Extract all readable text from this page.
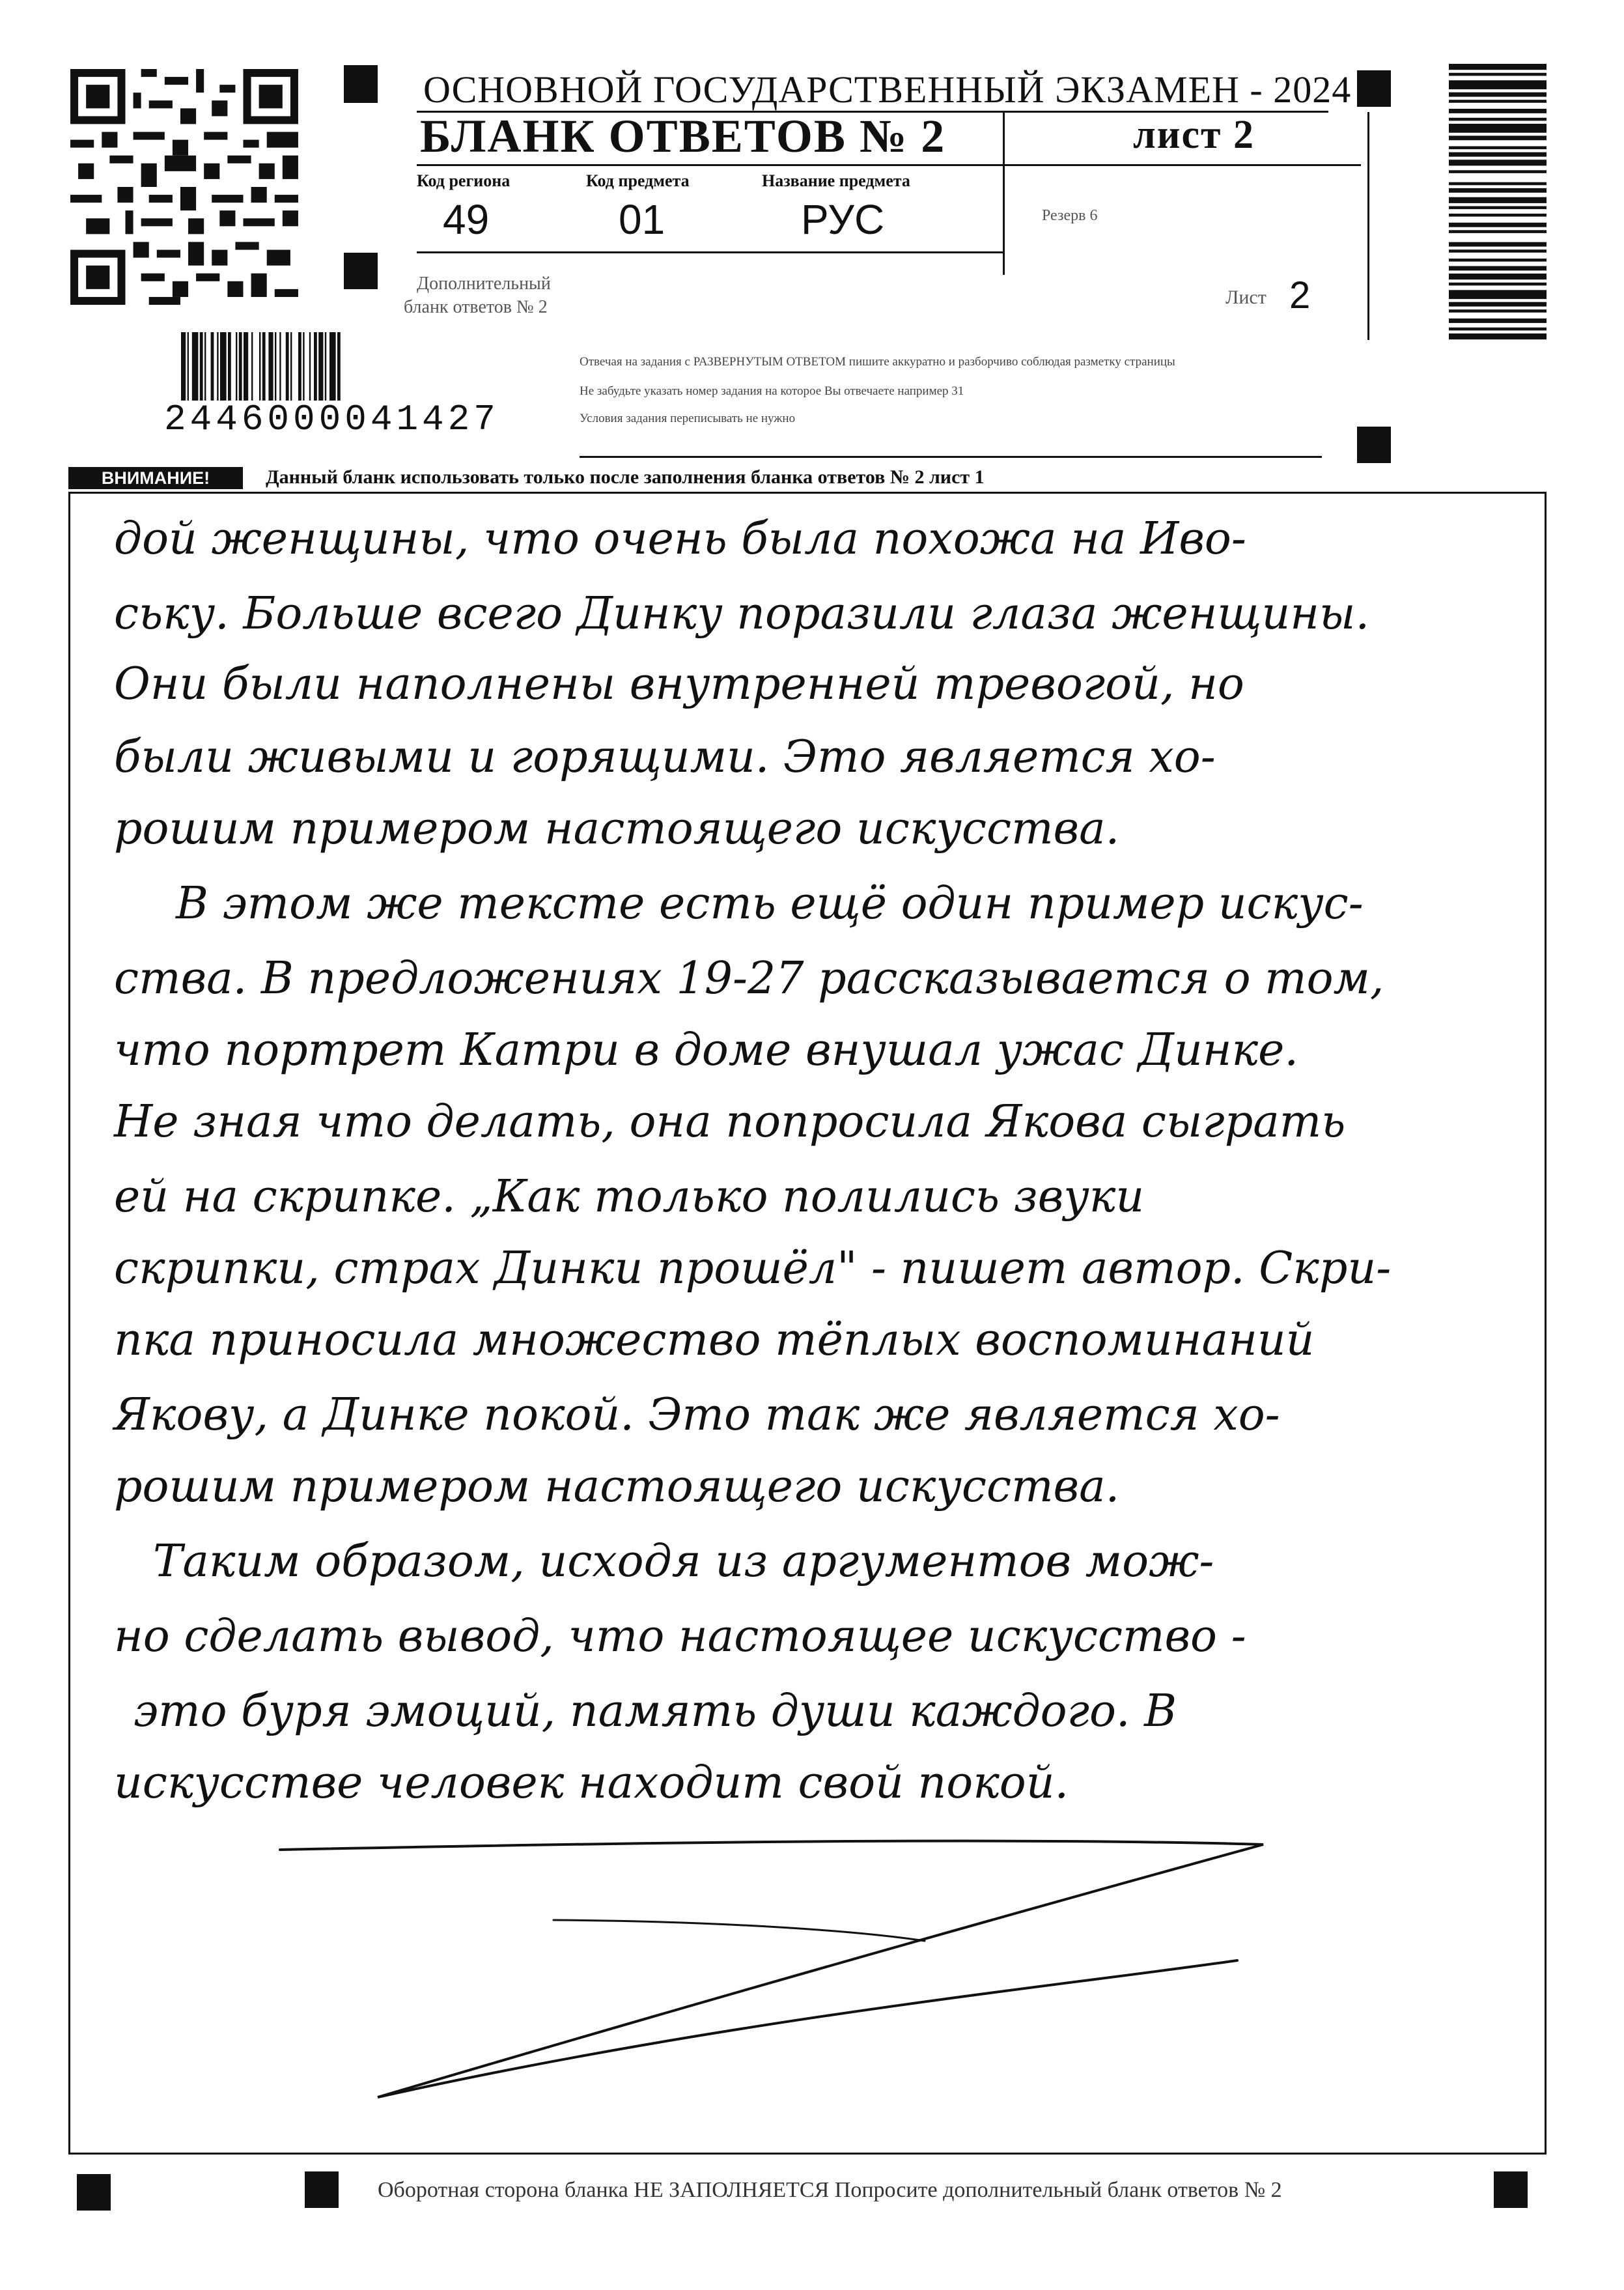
ОСНОВНОЙ ГОСУДАРСТВЕННЫЙ ЭКЗАМЕН - 2024
БЛАНК ОТВЕТОВ № 2	лист 2
Код региона
49
Код предмета
01
Название предмета
РУС	Резерв 6
Дополнительный
бланк ответов № 2	Лист 2
2446000041427
Отвечая на задания с РАЗВЕРНУТЫМ ОТВЕТОМ пишите аккуратно и разборчиво соблюдая разметку страницы
Не забудьте указать номер задания на которое Вы отвечаете например 31
Условия задания переписывать не нужно
ВНИМАНИЕ!	Данный бланк использовать только после заполнения бланка ответов № 2 лист 1
дой женщины, что очень была похожа на Иво-
ську. Больше всего Динку поразили глаза женщины.
Они были наполнены внутренней тревогой, но
были живыми и горящими. Это является хо-
рошим примером настоящего искусства.
В этом же тексте есть ещё один пример искус-
ства. В предложениях 19-27 рассказывается о том,
что портрет Катри в доме внушал ужас Динке.
Не зная что делать, она попросила Якова сыграть
ей на скрипке. „Как только полились звуки
скрипки, страх Динки прошёл" - пишет автор. Скри-
пка приносила множество тёплых воспоминаний
Якову, а Динке покой. Это так же является хо-
рошим примером настоящего искусства.
Таким образом, исходя из аргументов мож-
но сделать вывод, что настоящее искусство -
это буря эмоций, память души каждого. В
искусстве человек находит свой покой.
Оборотная сторона бланка НЕ ЗАПОЛНЯЕТСЯ Попросите дополнительный бланк ответов № 2
